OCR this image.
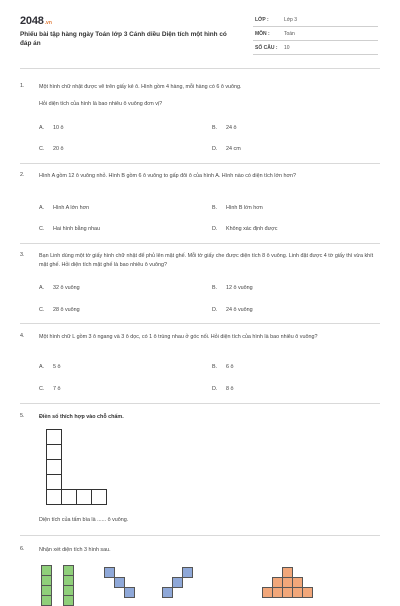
2048.vn
Phiếu bài tập hàng ngày Toán lớp 3 Cánh diều Diện tích một hình có đáp án
LỚP :	Lớp 3
MÔN :	Toán
SỐ CÂU : 10
1.	Một hình chữ nhật được vẽ trên giấy kẻ ô. Hình gồm 4 hàng, mỗi hàng có 6 ô vuông.
Hỏi diện tích của hình là bao nhiêu ô vuông đơn vị?
A. 10 ô	B. 24 ô
C. 20 ô	D. 24 cm
2.	Hình A gồm 12 ô vuông nhỏ. Hình B gồm 6 ô vuông to gấp đôi ô của hình A. Hình nào có diện tích lớn hơn?
A. Hình A lớn hơn	B. Hình B lớn hơn
C. Hai hình bằng nhau	D. Không xác định được
3.	Bạn Linh dùng một tờ giấy hình chữ nhật để phủ lên mặt ghế. Mỗi tờ giấy che được diện tích 8 ô vuông. Linh đặt được 4 tờ giấy thì vừa khít mặt ghế. Hỏi diện tích mặt ghế là bao nhiêu ô vuông?
A. 32 ô vuông	B. 12 ô vuông
C. 28 ô vuông	D. 24 ô vuông
4.	Một hình chữ L gồm 3 ô ngang và 3 ô dọc, có 1 ô trùng nhau ở góc nối. Hỏi diện tích của hình là bao nhiêu ô vuông?
A. 5 ô	B. 6 ô
C. 7 ô	D. 8 ô
5.	Điền số thích hợp vào chỗ chấm.
Diện tích của tấm bìa là ...... ô vuông.
6.	Nhận xét diện tích 3 hình sau.
